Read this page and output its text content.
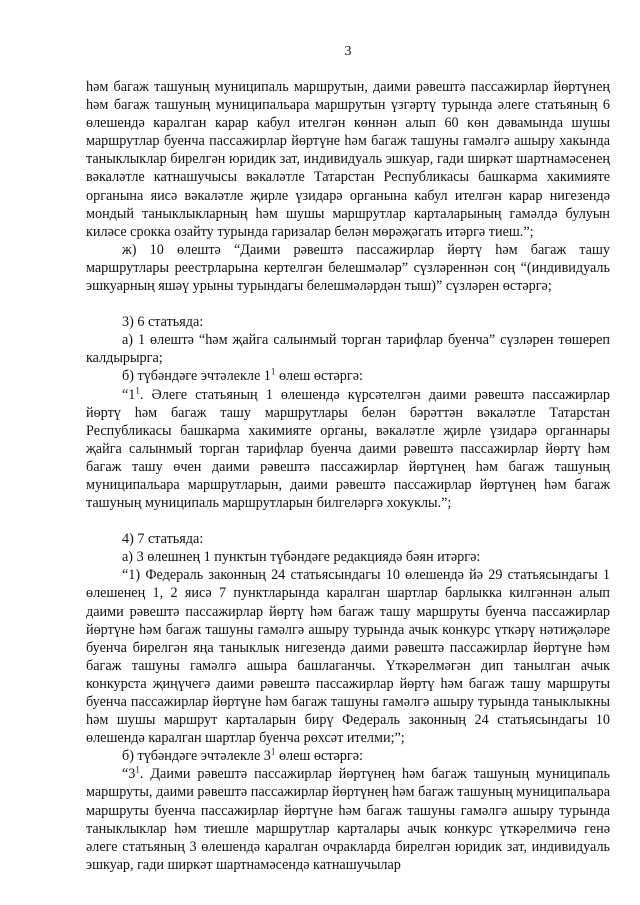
3

һәм багаж ташуның муниципаль маршрутын, даими рәвештә пассажирлар йөртүнең һәм багаж ташуның муниципальара маршрутын үзгәртү турында әлеге статьяның 6 өлешендә каралган карар кабул ителгән көннән алып 60 көн дәвамында шушы маршрутлар буенча пассажирлар йөртүне һәм багаж ташуны гамәлгә ашыру хакында таныклыклар бирелгән юридик зат, индивидуаль эшкуар, гади ширкәт шартнамәсенең вәкаләтле катнашучысы вәкаләтле Татарстан Республикасы башкарма хакимияте органына яисә вәкаләтле җирле үзидарә органына кабул ителгән карар нигезендә мондый таныклыкларның һәм шушы маршрутлар карталарының гамәлдә булуын киләсе срокка озайту турында гаризалар белән мөрәҗәгать итәргә тиеш.”;

ж) 10 өлештә “Даими рәвештә пассажирлар йөртү һәм багаж ташу маршрутлары реестрларына кертелгән белешмәләр” сүзләреннән соң “(индивидуаль эшкуарның яшәү урыны турындагы белешмәләрдән тыш)” сүзләрен өстәргә;

3) 6 статьяда:

а) 1 өлештә “һәм җайга салынмый торган тарифлар буенча” сүзләрен төшереп калдырырга;

б) түбәндәге эчтәлекле $1^1$ өлеш өстәргә:

“$1^1$. Әлеге статьяның 1 өлешендә күрсәтелгән даими рәвештә пассажирлар йөртү һәм багаж ташу маршрутлары белән бәрәттән вәкаләтле Татарстан Республикасы башкарма хакимияте органы, вәкаләтле җирле үзидарә органнары җайга салынмый торган тарифлар буенча даими рәвештә пассажирлар йөртү һәм багаж ташу өчен даими рәвештә пассажирлар йөртүнең һәм багаж ташуның муниципальара маршрутларын, даими рәвештә пассажирлар йөртүнең һәм багаж ташуның муниципаль маршрутларын билгеләргә хокуклы.”;

4) 7 статьяда:

а) 3 өлешнең 1 пунктын түбәндәге редакциядә бәян итәргә:

“1) Федераль законның 24 статьясындагы 10 өлешендә йә 29 статьясындагы 1 өлешенең 1, 2 яисә 7 пунктларында каралган шартлар барлыкка килгәннән алып даими рәвештә пассажирлар йөртү һәм багаж ташу маршруты буенча пассажирлар йөртүне һәм багаж ташуны гамәлгә ашыру турында ачык конкурс үткәрү нәтиҗәләре буенча бирелгән яңа таныклык нигезендә даими рәвештә пассажирлар йөртүне һәм багаж ташуны гамәлгә ашыра башлаганчы. Үткәрелмәгән дип танылган ачык конкурста җиңүчегә даими рәвештә пассажирлар йөртү һәм багаж ташу маршруты буенча пассажирлар йөртүне һәм багаж ташуны гамәлгә ашыру турында таныклыкны һәм шушы маршрут карталарын бирү Федераль законның 24 статьясындагы 10 өлешендә каралган шартлар буенча рөхсәт ителми;”;

б) түбәндәге эчтәлекле $3^1$ өлеш өстәргә:

“$3^1$. Даими рәвештә пассажирлар йөртүнең һәм багаж ташуның муниципаль маршруты, даими рәвештә пассажирлар йөртүнең һәм багаж ташуның муниципальара маршруты буенча пассажирлар йөртүне һәм багаж ташуны гамәлгә ашыру турында таныклыклар һәм тиешле маршрутлар карталары ачык конкурс үткәрелмичә генә әлеге статьяның 3 өлешендә каралган очракларда бирелгән юридик зат, индивидуаль эшкуар, гади ширкәт шартнамәсендә катнашучылар
